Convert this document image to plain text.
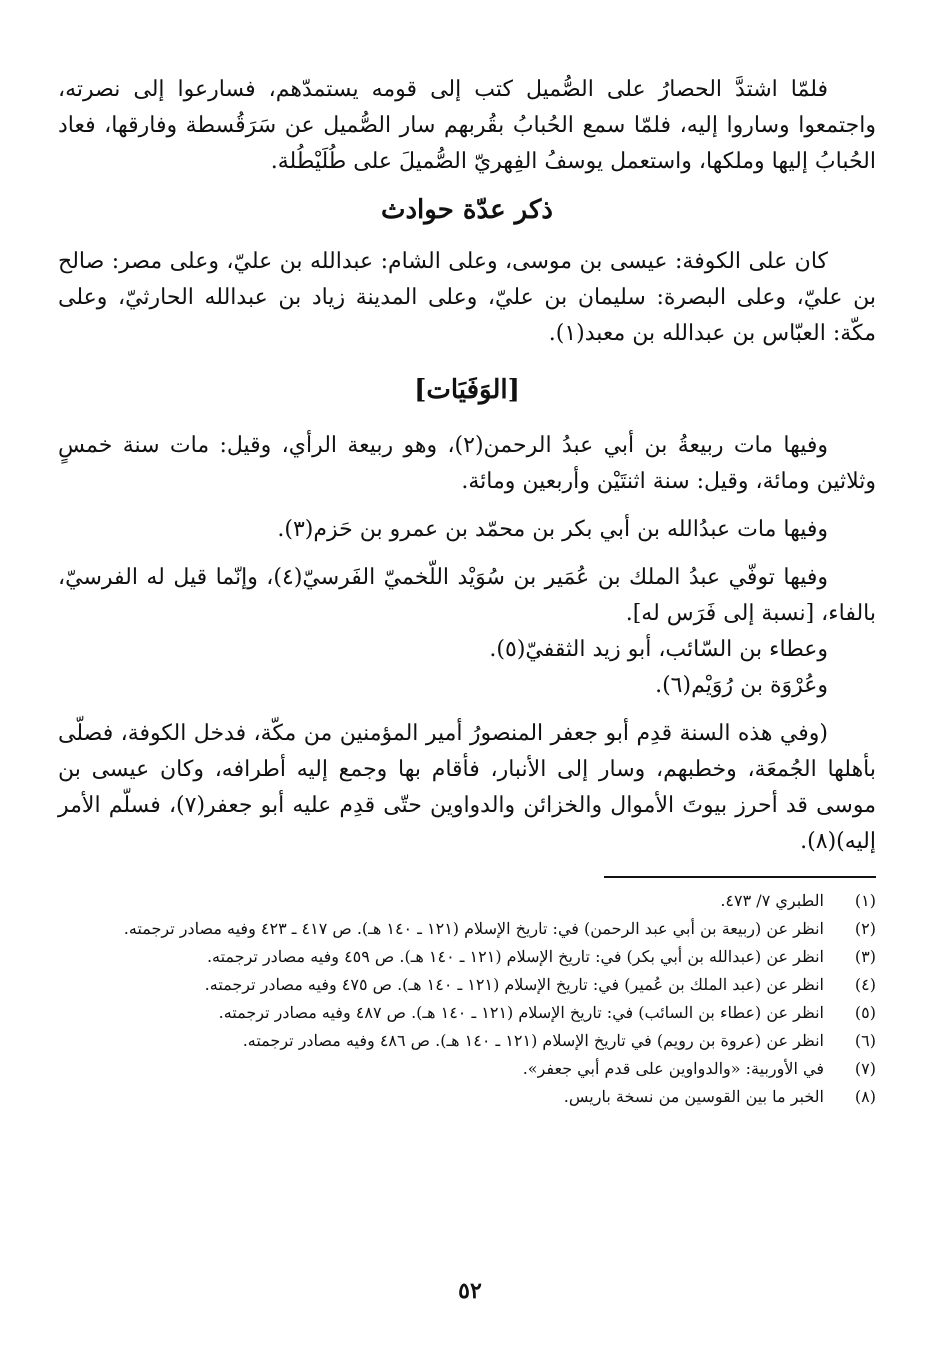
فلمّا اشتدَّ الحصارُ على الصُّميل كتب إلى قومه يستمدّهم، فسارعوا إلى نصرته، واجتمعوا وساروا إليه، فلمّا سمع الحُبابُ بقُربهم سار الصُّميل عن سَرَقُسطة وفارقها، فعاد الحُبابُ إليها وملكها، واستعمل يوسفُ الفِهريّ الصُّميلَ على طُلَيْطُلة.

ذكر عدّة حوادث

كان على الكوفة: عيسى بن موسى، وعلى الشام: عبدالله بن عليّ، وعلى مصر: صالح بن عليّ، وعلى البصرة: سليمان بن عليّ، وعلى المدينة زياد بن عبدالله الحارثيّ، وعلى مكّة: العبّاس بن عبدالله بن معبد(١).

[الوَفَيَات]

وفيها مات ربيعةُ بن أبي عبدُ الرحمن(٢)، وهو ربيعة الرأي، وقيل: مات سنة خمسٍ وثلاثين ومائة، وقيل: سنة اثنتَيْن وأربعين ومائة.

وفيها مات عبدُالله بن أبي بكر بن محمّد بن عمرو بن حَزم(٣).

وفيها توفّي عبدُ الملك بن عُمَير بن سُوَيْد اللّخميّ الفَرسيّ(٤)، وإنّما قيل له الفرسيّ، بالفاء، [نسبة إلى فَرَس له].

وعطاء بن السّائب، أبو زيد الثقفيّ(٥).

وعُرْوَة بن رُوَيْم(٦).

(وفي هذه السنة قدِم أبو جعفر المنصورُ أمير المؤمنين من مكّة، فدخل الكوفة، فصلّى بأهلها الجُمعَة، وخطبهم، وسار إلى الأنبار، فأقام بها وجمع إليه أطرافه، وكان عيسى بن موسى قد أحرز بيوتَ الأموال والخزائن والدواوين حتّى قدِم عليه أبو جعفر(٧)، فسلّم الأمر إليه)(٨).

(١)
الطبري ٧/ ٤٧٣.
(٢)
انظر عن (ربيعة بن أبي عبد الرحمن) في: تاريخ الإسلام (١٢١ ـ ١٤٠ هـ). ص ٤١٧ ـ ٤٢٣ وفيه مصادر ترجمته.
(٣)
انظر عن (عبدالله بن أبي بكر) في: تاريخ الإسلام (١٢١ ـ ١٤٠ هـ). ص ٤٥٩ وفيه مصادر ترجمته.
(٤)
انظر عن (عبد الملك بن عُمير) في: تاريخ الإسلام (١٢١ ـ ١٤٠ هـ). ص ٤٧٥ وفيه مصادر ترجمته.
(٥)
انظر عن (عطاء بن السائب) في: تاريخ الإسلام (١٢١ ـ ١٤٠ هـ). ص ٤٨٧ وفيه مصادر ترجمته.
(٦)
انظر عن (عروة بن رويم) في تاريخ الإسلام (١٢١ ـ ١٤٠ هـ). ص ٤٨٦ وفيه مصادر ترجمته.
(٧)
في الأوربية: «والدواوين على قدم أبي جعفر».
(٨)
الخبر ما بين القوسين من نسخة باريس.
٥٢
